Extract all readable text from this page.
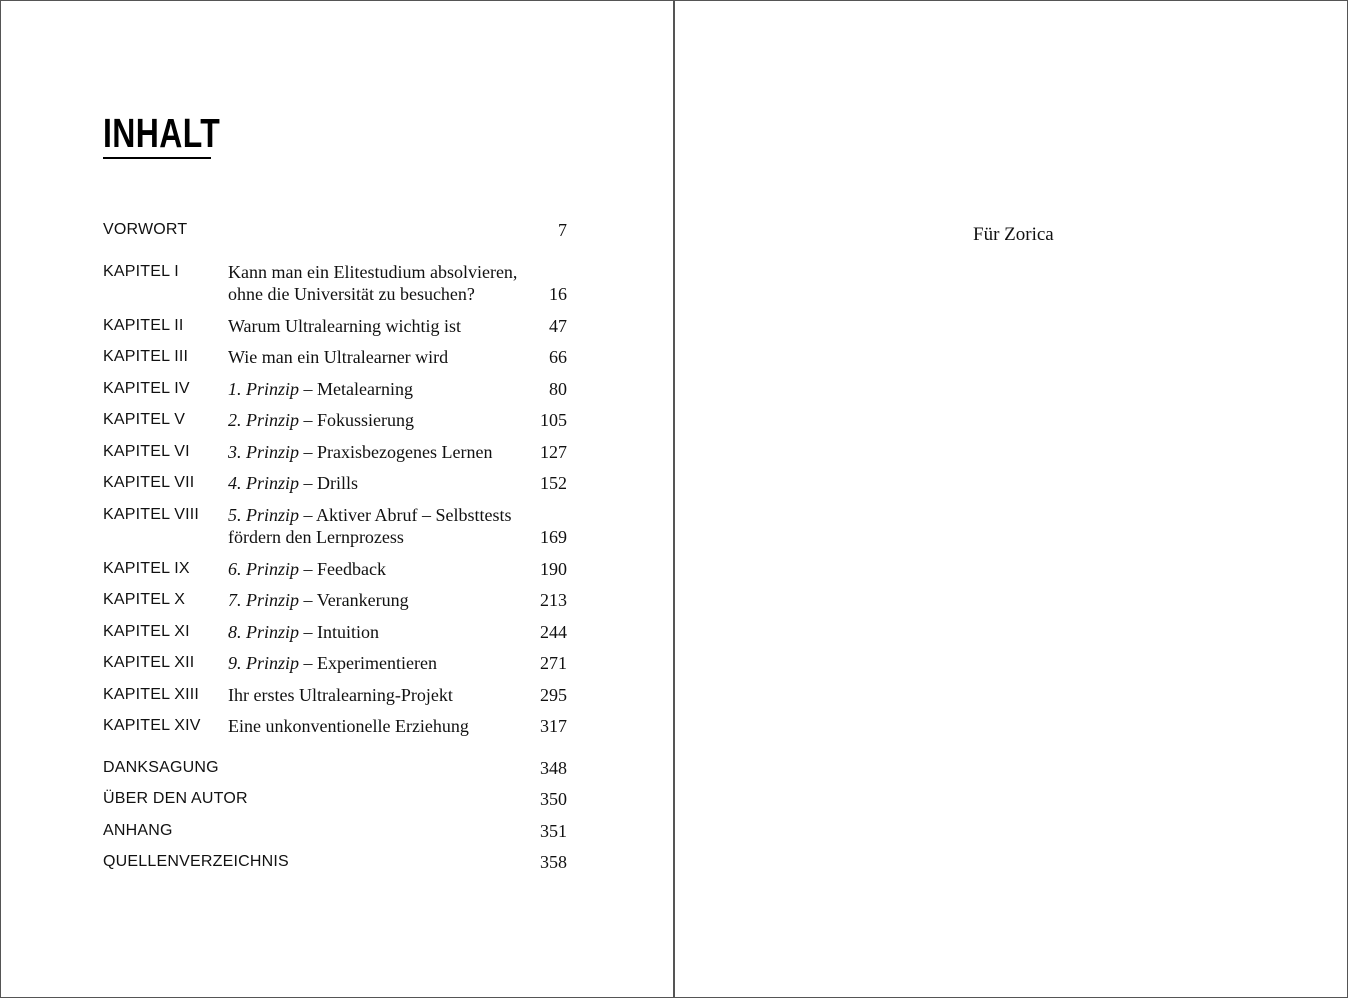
INHALT
VORWORT	7
KAPITEL I	Kann man ein Elitestudium absolvieren, ohne die Universität zu besuchen?	16
KAPITEL II	Warum Ultralearning wichtig ist	47
KAPITEL III	Wie man ein Ultralearner wird	66
KAPITEL IV	1. Prinzip – Metalearning	80
KAPITEL V	2. Prinzip – Fokussierung	105
KAPITEL VI	3. Prinzip – Praxisbezogenes Lernen	127
KAPITEL VII	4. Prinzip – Drills	152
KAPITEL VIII	5. Prinzip – Aktiver Abruf – Selbsttests fördern den Lernprozess	169
KAPITEL IX	6. Prinzip – Feedback	190
KAPITEL X	7. Prinzip – Verankerung	213
KAPITEL XI	8. Prinzip – Intuition	244
KAPITEL XII	9. Prinzip – Experimentieren	271
KAPITEL XIII	Ihr erstes Ultralearning-Projekt	295
KAPITEL XIV	Eine unkonventionelle Erziehung	317
DANKSAGUNG	348
ÜBER DEN AUTOR	350
ANHANG	351
QUELLENVERZEICHNIS	358
Für Zorica
